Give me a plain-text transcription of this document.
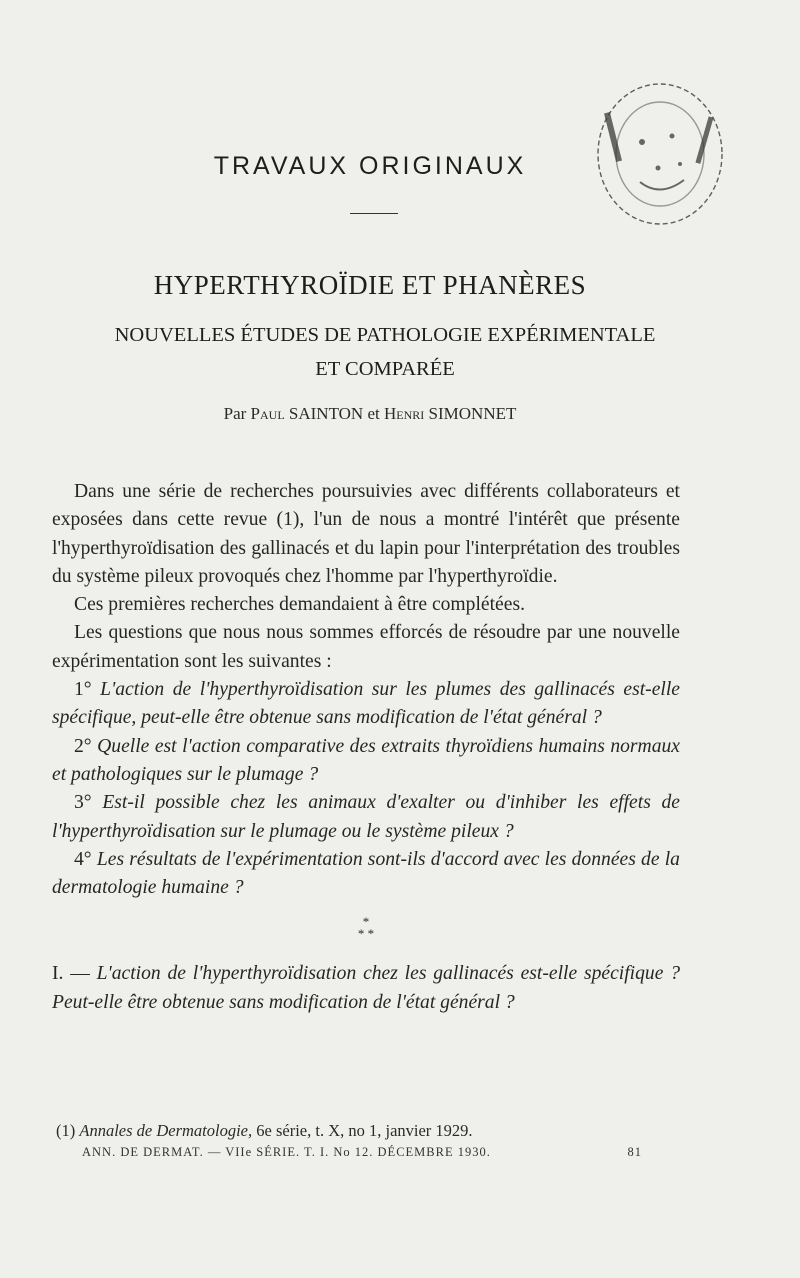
TRAVAUX ORIGINAUX
HYPERTHYROÏDIE ET PHANÈRES
NOUVELLES ÉTUDES DE PATHOLOGIE EXPÉRIMENTALE
ET COMPARÉE
Par Paul SAINTON et Henri SIMONNET

Dans une série de recherches poursuivies avec différents collaborateurs et exposées dans cette revue (1), l'un de nous a montré l'intérêt que présente l'hyperthyroïdisation des gallinacés et du lapin pour l'interprétation des troubles du système pileux provoqués chez l'homme par l'hyperthyroïdie.

Ces premières recherches demandaient à être complétées.

Les questions que nous nous sommes efforcés de résoudre par une nouvelle expérimentation sont les suivantes :

1° L'action de l'hyperthyroïdisation sur les plumes des gallinacés est-elle spécifique, peut-elle être obtenue sans modification de l'état général ?

2° Quelle est l'action comparative des extraits thyroïdiens humains normaux et pathologiques sur le plumage ?

3° Est-il possible chez les animaux d'exalter ou d'inhiber les effets de l'hyperthyroïdisation sur le plumage ou le système pileux ?

4° Les résultats de l'expérimentation sont-ils d'accord avec les données de la dermatologie humaine ?

*
* *

I. — L'action de l'hyperthyroïdisation chez les gallinacés est-elle spécifique ? Peut-elle être obtenue sans modification de l'état général ?

(1) Annales de Dermatologie, 6e série, t. X, no 1, janvier 1929.
ANN. DE DERMAT. — VIIe SÉRIE. T. I. No 12. DÉCEMBRE 1930.	81
